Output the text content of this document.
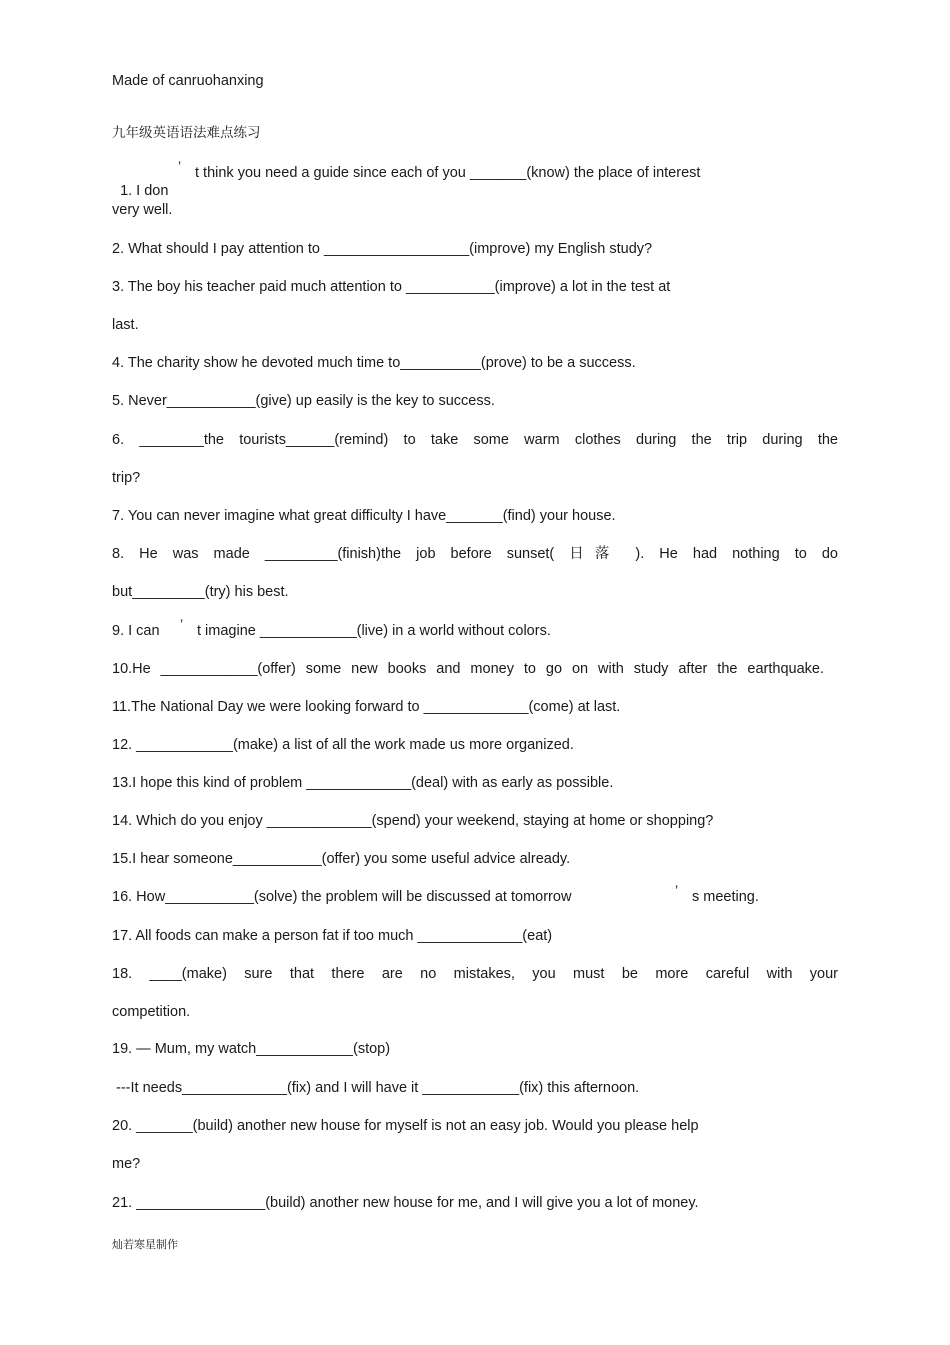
Made of canruohanxing
九年级英语语法难点练习

1. I don

’ t think you need a guide since each of you _______(know) the place of interest
very well.
2. What should I pay attention to __________________(improve) my English study?
3. The boy his teacher paid much attention to ___________(improve) a lot in the test at
last.
4. The charity show he devoted much time to__________(prove) to be a success.
5. Never___________(give) up easily is the key to success.
6. ________the tourists______(remind) to take some warm clothes during the trip during the
trip?
7. You can never imagine what great difficulty I have_______(find) your house.
8. He was made _________(finish)the job before sunset( 日落 ). He had nothing to do
but_________(try) his best.
9. I can ’ t imagine ____________(live) in a world without colors.
10.He ____________(offer) some new books and money to go on with study after the earthquake.
11.The National Day we were looking forward to _____________(come) at last.
12. ____________(make) a list of all the work made us more organized.
13.I hope this kind of problem _____________(deal) with as early as possible.
14. Which do you enjoy _____________(spend) your weekend, staying at home or shopping?
15.I hear someone___________(offer) you some useful advice already.
16. How___________(solve) the problem will be discussed at tomorrow	’ s meeting.
17. All foods can make a person fat if too much _____________(eat)
18. ____(make) sure that there are no mistakes, you must be more careful with your
competition.
19. — Mum, my watch____________(stop)
---It needs_____________(fix) and I will have it ____________(fix) this afternoon.
20. _______(build) another new house for myself is not an easy job. Would you please help
me?
21. ________________(build) another new house for me, and I will give you a lot of money.
灿若寒星制作
